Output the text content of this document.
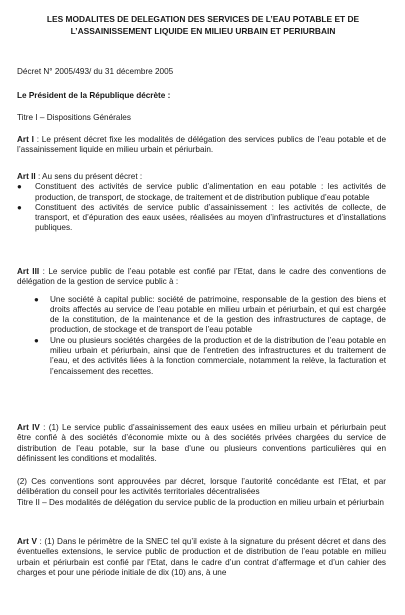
LES MODALITES DE DELEGATION DES SERVICES DE L’EAU POTABLE ET DE
L’ASSAINISSEMENT LIQUIDE EN MILIEU URBAIN ET PERIURBAIN
Décret N° 2005/493/ du 31 décembre 2005
Le Président de la République décrète :
Titre I – Dispositions Générales
Art I : Le présent décret fixe les modalités de délégation des services publics de l’eau potable et de l’assainissement liquide en milieu urbain et périurbain.
Art II : Au sens du présent décret :
● Constituent des activités de service public d’alimentation en eau potable : les activités de production, de transport, de stockage, de traitement et de distribution publique d’eau potable
● Constituent des activités de service public d’assainissement : les activités de collecte, de transport, et d’épuration des eaux usées, réalisées au moyen d’infrastructures et d’installations publiques.
Art III : Le service public de l’eau potable est confié par l’Etat, dans le cadre des conventions de délégation de la gestion de service public à :
● Une société à capital public: société de patrimoine, responsable de la gestion des biens et droits affectés au service de l’eau potable en milieu urbain et périurbain, et qui est chargée de la constitution, de la maintenance et de la gestion des infrastructures de captage, de production, de stockage et de transport de l’eau potable
● Une ou plusieurs sociétés chargées de la production et de la distribution de l’eau potable en milieu urbain et périurbain, ainsi que de l’entretien des infrastructures et du traitement de l’eau, et des activités liées à la fonction commerciale, notamment la relève, la facturation et l’encaissement des recettes.
Art IV : (1) Le service public d’assainissement des eaux usées en milieu urbain et périurbain peut être confié à des sociétés d’économie mixte ou à des sociétés privées chargées du service de distribution de l’eau potable, sur la base d’une ou plusieurs conventions particulières qui en définissent les conditions et modalités.
(2) Ces conventions sont approuvées par décret, lorsque l’autorité concédante est l’Etat, et par délibération du conseil pour les activités territoriales décentralisées
Titre II – Des modalités de délégation du service public de la production en milieu urbain et périurbain
Art V : (1) Dans le périmètre de la SNEC tel qu’il existe à la signature du présent décret et dans des éventuelles extensions, le service public de production et de distribution de l’eau potable en milieu urbain et périurbain est confié par l’Etat, dans le cadre d’un contrat d’affermage et d’un cahier des charges et pour une période initiale de dix (10) ans, à une
